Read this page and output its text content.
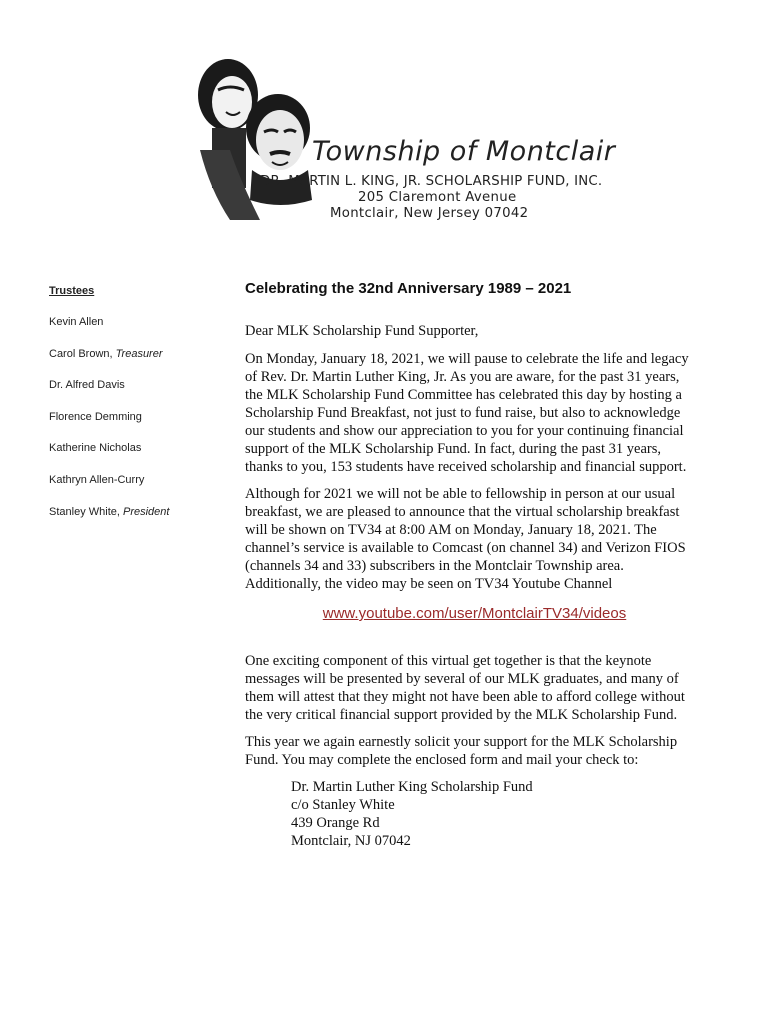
Township of Montclair
DR. MARTIN L. KING, JR. SCHOLARSHIP FUND, INC.
205 Claremont Avenue
Montclair, New Jersey 07042
Trustees
Kevin Allen
Carol Brown, Treasurer
Dr. Alfred Davis
Florence Demming
Katherine Nicholas
Kathryn Allen-Curry
Stanley White, President
Celebrating the 32nd Anniversary 1989 – 2021

Dear MLK Scholarship Fund Supporter,

On Monday, January 18, 2021, we will pause to celebrate the life and legacy of Rev. Dr. Martin Luther King, Jr. As you are aware, for the past 31 years, the MLK Scholarship Fund Committee has celebrated this day by hosting a Scholarship Fund Breakfast, not just to fund raise, but also to acknowledge our students and show our appreciation to you for your continuing financial support of the MLK Scholarship Fund. In fact, during the past 31 years, thanks to you, 153 students have received scholarship and financial support.

Although for 2021 we will not be able to fellowship in person at our usual breakfast, we are pleased to announce that the virtual scholarship breakfast will be shown on TV34 at 8:00 AM on Monday, January 18, 2021. The channel’s service is available to Comcast (on channel 34) and Verizon FIOS (channels 34 and 33) subscribers in the Montclair Township area. Additionally, the video may be seen on TV34 Youtube Channel

www.youtube.com/user/MontclairTV34/videos

One exciting component of this virtual get together is that the keynote messages will be presented by several of our MLK graduates, and many of them will attest that they might not have been able to afford college without the very critical financial support provided by the MLK Scholarship Fund.

This year we again earnestly solicit your support for the MLK Scholarship Fund. You may complete the enclosed form and mail your check to:

Dr. Martin Luther King Scholarship Fund
c/o Stanley White
439 Orange Rd
Montclair, NJ 07042
